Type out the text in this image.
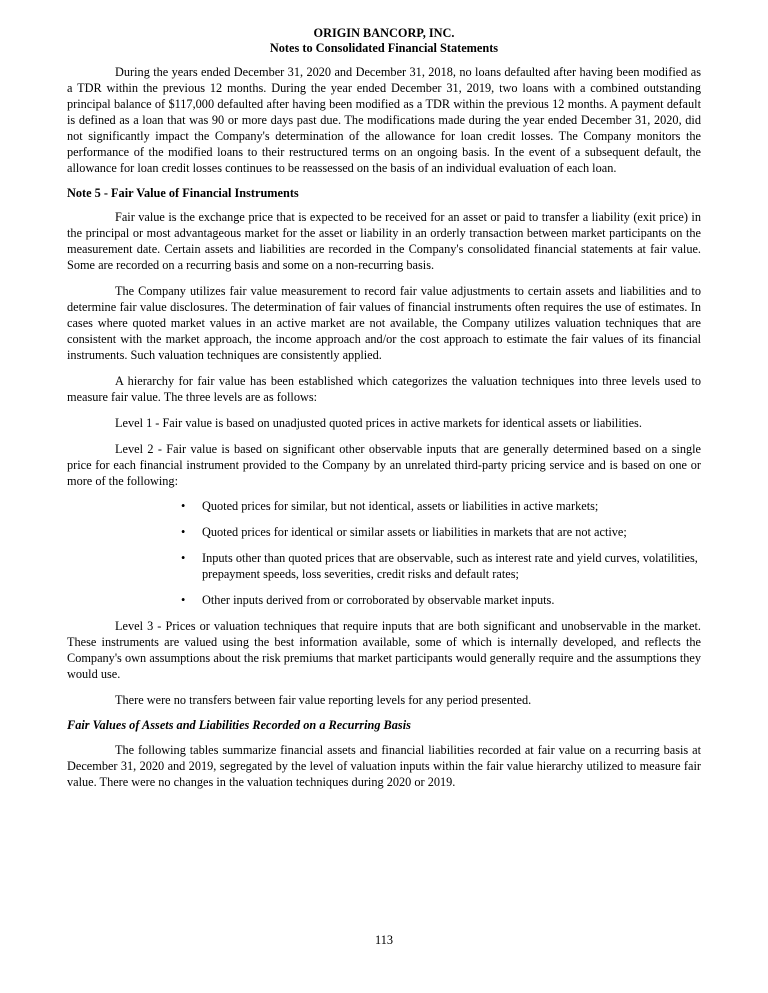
ORIGIN BANCORP, INC.
Notes to Consolidated Financial Statements

During the years ended December 31, 2020 and December 31, 2018, no loans defaulted after having been modified as a TDR within the previous 12 months. During the year ended December 31, 2019, two loans with a combined outstanding principal balance of $117,000 defaulted after having been modified as a TDR within the previous 12 months. A payment default is defined as a loan that was 90 or more days past due. The modifications made during the year ended December 31, 2020, did not significantly impact the Company's determination of the allowance for loan credit losses. The Company monitors the performance of the modified loans to their restructured terms on an ongoing basis. In the event of a subsequent default, the allowance for loan credit losses continues to be reassessed on the basis of an individual evaluation of each loan.

Note 5 - Fair Value of Financial Instruments

Fair value is the exchange price that is expected to be received for an asset or paid to transfer a liability (exit price) in the principal or most advantageous market for the asset or liability in an orderly transaction between market participants on the measurement date. Certain assets and liabilities are recorded in the Company's consolidated financial statements at fair value. Some are recorded on a recurring basis and some on a non-recurring basis.

The Company utilizes fair value measurement to record fair value adjustments to certain assets and liabilities and to determine fair value disclosures. The determination of fair values of financial instruments often requires the use of estimates. In cases where quoted market values in an active market are not available, the Company utilizes valuation techniques that are consistent with the market approach, the income approach and/or the cost approach to estimate the fair values of its financial instruments. Such valuation techniques are consistently applied.

A hierarchy for fair value has been established which categorizes the valuation techniques into three levels used to measure fair value. The three levels are as follows:

Level 1 - Fair value is based on unadjusted quoted prices in active markets for identical assets or liabilities.

Level 2 - Fair value is based on significant other observable inputs that are generally determined based on a single price for each financial instrument provided to the Company by an unrelated third-party pricing service and is based on one or more of the following:

• Quoted prices for similar, but not identical, assets or liabilities in active markets;
• Quoted prices for identical or similar assets or liabilities in markets that are not active;
• Inputs other than quoted prices that are observable, such as interest rate and yield curves, volatilities, prepayment speeds, loss severities, credit risks and default rates;
• Other inputs derived from or corroborated by observable market inputs.

Level 3 - Prices or valuation techniques that require inputs that are both significant and unobservable in the market. These instruments are valued using the best information available, some of which is internally developed, and reflects the Company's own assumptions about the risk premiums that market participants would generally require and the assumptions they would use.

There were no transfers between fair value reporting levels for any period presented.

Fair Values of Assets and Liabilities Recorded on a Recurring Basis

The following tables summarize financial assets and financial liabilities recorded at fair value on a recurring basis at December 31, 2020 and 2019, segregated by the level of valuation inputs within the fair value hierarchy utilized to measure fair value. There were no changes in the valuation techniques during 2020 or 2019.

113
